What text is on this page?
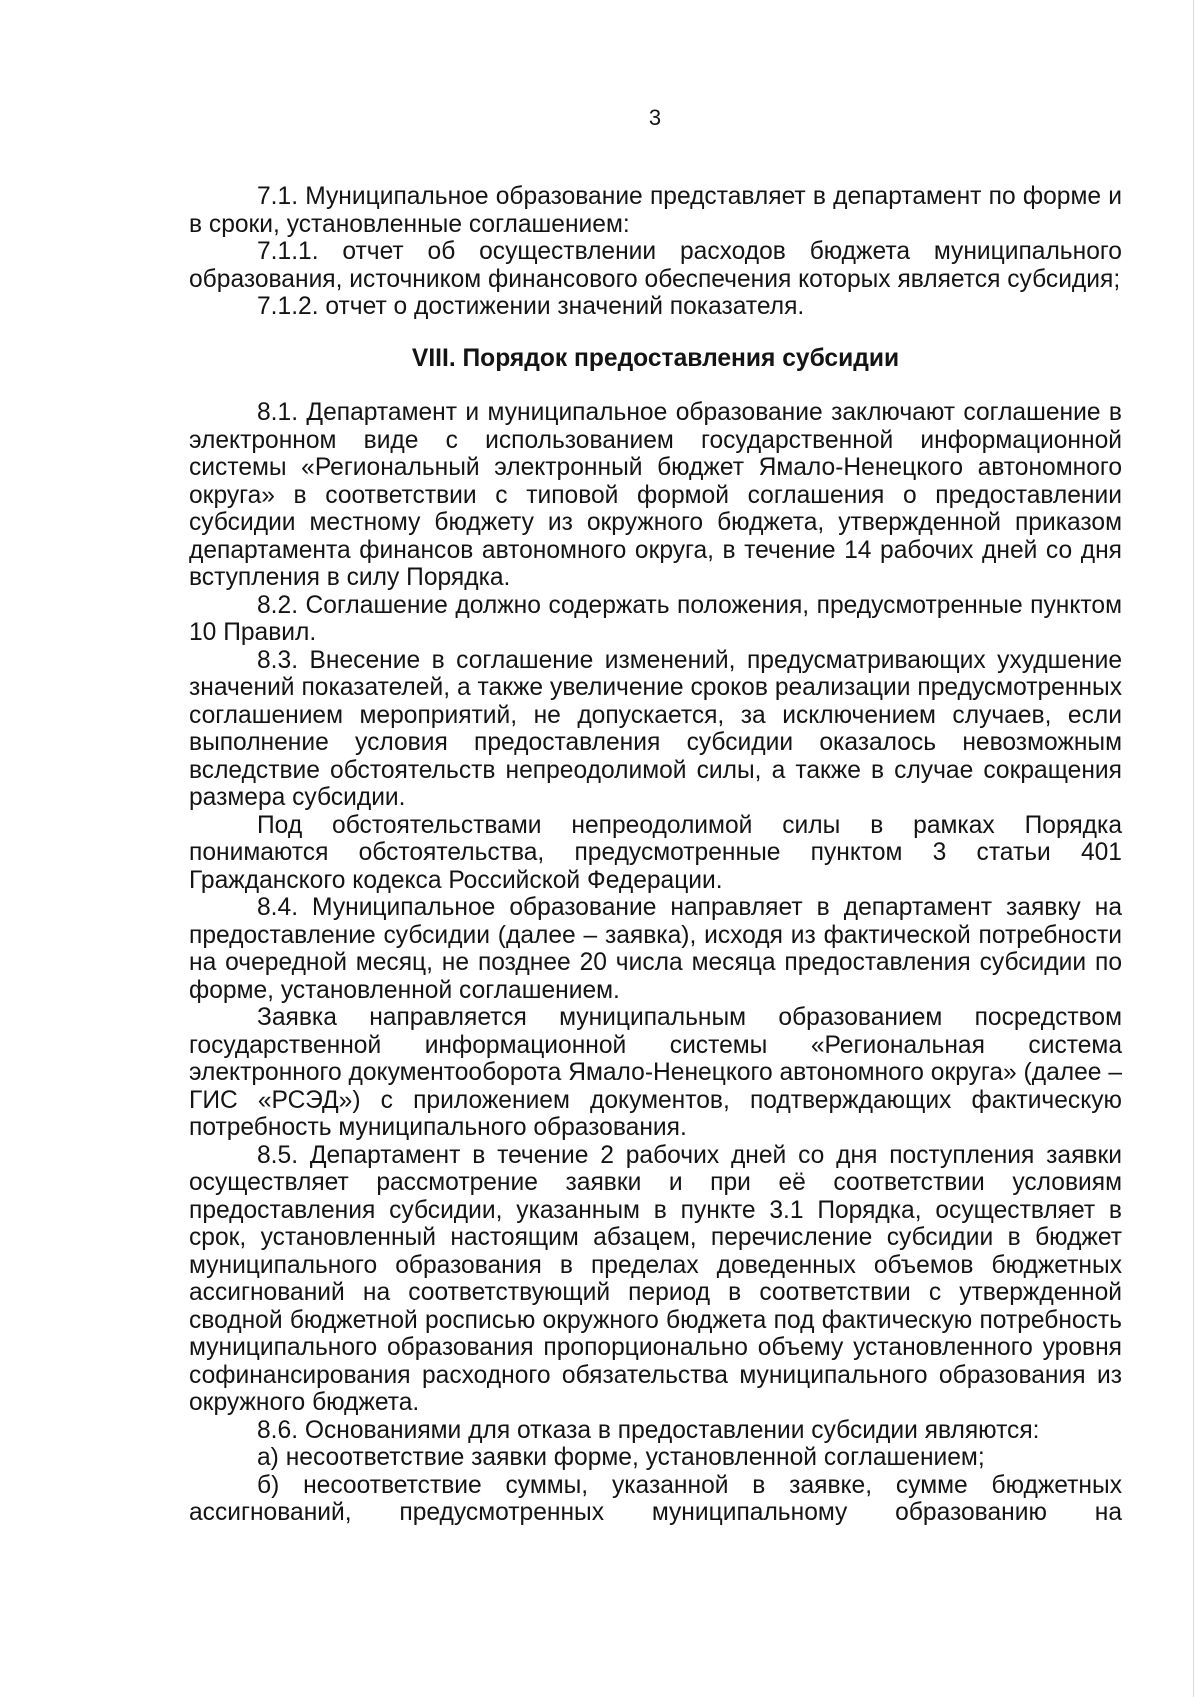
3

7.1. Муниципальное образование представляет в департамент по форме и в сроки, установленные соглашением:

7.1.1. отчет об осуществлении расходов бюджета муниципального образования, источником финансового обеспечения которых является субсидия;

7.1.2. отчет о достижении значений показателя.

VIII. Порядок предоставления субсидии

8.1. Департамент и муниципальное образование заключают соглашение в электронном виде с использованием государственной информационной системы «Региональный электронный бюджет Ямало-Ненецкого автономного округа» в соответствии с типовой формой соглашения о предоставлении субсидии местному бюджету из окружного бюджета, утвержденной приказом департамента финансов автономного округа, в течение 14 рабочих дней со дня вступления в силу Порядка.

8.2. Соглашение должно содержать положения, предусмотренные пунктом 10 Правил.

8.3. Внесение в соглашение изменений, предусматривающих ухудшение значений показателей, а также увеличение сроков реализации предусмотренных соглашением мероприятий, не допускается, за исключением случаев, если выполнение условия предоставления субсидии оказалось невозможным вследствие обстоятельств непреодолимой силы, а также в случае сокращения размера субсидии.

Под обстоятельствами непреодолимой силы в рамках Порядка понимаются обстоятельства, предусмотренные пунктом 3 статьи 401 Гражданского кодекса Российской Федерации.

8.4. Муниципальное образование направляет в департамент заявку на предоставление субсидии (далее – заявка), исходя из фактической потребности на очередной месяц, не позднее 20 числа месяца предоставления субсидии по форме, установленной соглашением.

Заявка направляется муниципальным образованием посредством государственной информационной системы «Региональная система электронного документооборота Ямало-Ненецкого автономного округа» (далее – ГИС «РСЭД») с приложением документов, подтверждающих фактическую потребность муниципального образования.

8.5. Департамент в течение 2 рабочих дней со дня поступления заявки осуществляет рассмотрение заявки и при её соответствии условиям предоставления субсидии, указанным в пункте 3.1 Порядка, осуществляет в срок, установленный настоящим абзацем, перечисление субсидии в бюджет муниципального образования в пределах доведенных объемов бюджетных ассигнований на соответствующий период в соответствии с утвержденной сводной бюджетной росписью окружного бюджета под фактическую потребность муниципального образования пропорционально объему установленного уровня софинансирования расходного обязательства муниципального образования из окружного бюджета.

8.6. Основаниями для отказа в предоставлении субсидии являются:

а) несоответствие заявки форме, установленной соглашением;

б) несоответствие суммы, указанной в заявке, сумме бюджетных ассигнований, предусмотренных муниципальному образованию на
